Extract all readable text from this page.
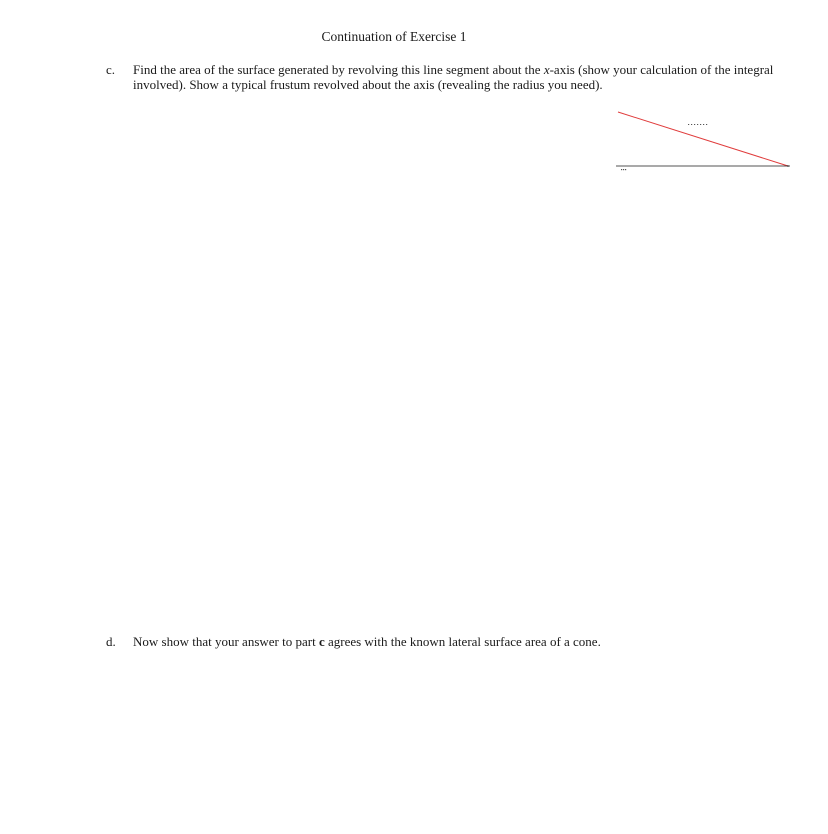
Continuation of Exercise 1
c. Find the area of the surface generated by revolving this line segment about the x-axis (show your calculation of the integral involved). Show a typical frustum revolved about the axis (revealing the radius you need).
d. Now show that your answer to part c agrees with the known lateral surface area of a cone.
